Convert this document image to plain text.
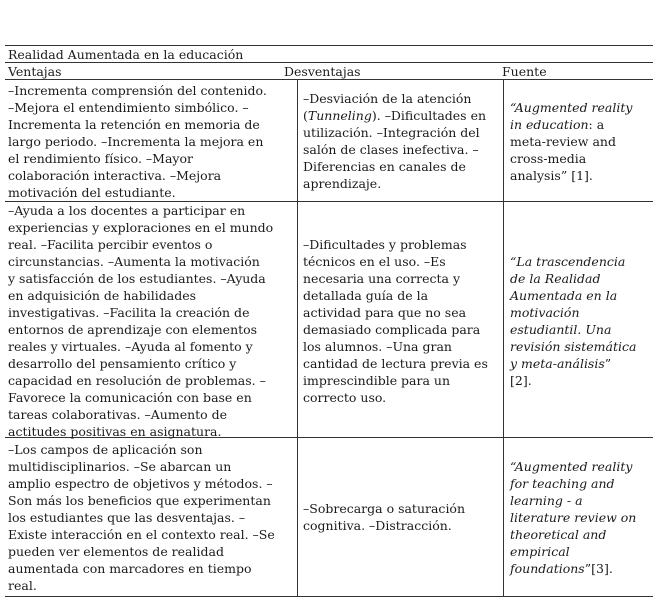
Realidad Aumentada en la educación
Ventajas	Desventajas	Fuente

–Incrementa comprensión del contenido.

–Mejora el entendimiento simbólico. –

Incrementa la retención en memoria de

largo periodo. –Incrementa la mejora en

el rendimiento físico. –Mayor

colaboración interactiva. –Mejora

motivación del estudiante.

–Desviación de la atención

(Tunneling). –Dificultades en

utilización. –Integración del

salón de clases inefectiva. –

Diferencias en canales de

aprendizaje.

“Augmented reality

in education: a

meta-review and

cross-media

analysis” [1].

–Ayuda a los docentes a participar en

experiencias y exploraciones en el mundo

real. –Facilita percibir eventos o

circunstancias. –Aumenta la motivación

y satisfacción de los estudiantes. –Ayuda

en adquisición de habilidades

investigativas. –Facilita la creación de

entornos de aprendizaje con elementos

reales y virtuales. –Ayuda al fomento y

desarrollo del pensamiento crítico y

capacidad en resolución de problemas. –

Favorece la comunicación con base en

tareas colaborativas. –Aumento de

actitudes positivas en asignatura.

–Dificultades y problemas

técnicos en el uso. –Es

necesaria una correcta y

detallada guía de la

actividad para que no sea

demasiado complicada para

los alumnos. –Una gran

cantidad de lectura previa es

imprescindible para un

correcto uso.

“La trascendencia

de la Realidad

Aumentada en la

motivación

estudiantil. Una

revisión sistemática

y meta-análisis”

[2].

–Los campos de aplicación son

multidisciplinarios. –Se abarcan un

amplio espectro de objetivos y métodos. –

Son más los beneficios que experimentan

los estudiantes que las desventajas. –

Existe interacción en el contexto real. –Se

pueden ver elementos de realidad

aumentada con marcadores en tiempo

real.

–Sobrecarga o saturación

cognitiva. –Distracción.

“Augmented reality

for teaching and

learning - a

literature review on

theoretical and

empirical

foundations”[3].
